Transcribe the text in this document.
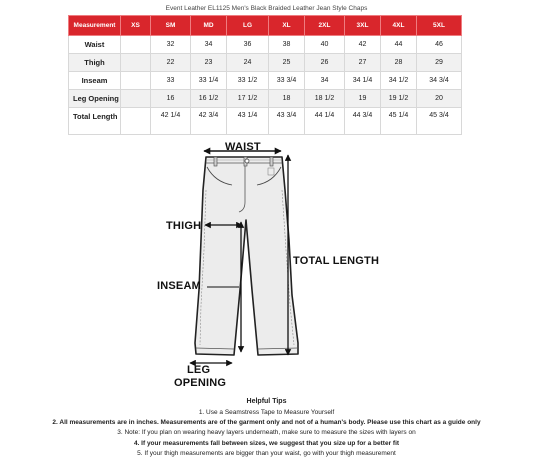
Event Leather EL1125 Men's Black Braided Leather Jean Style Chaps
Measurement	XS	SM	MD	LG	XL	2XL	3XL	4XL	5XL
Waist		32	34	36	38	40	42	44	46
Thigh		22	23	24	25	26	27	28	29
Inseam		33	33 1/4	33 1/2	33 3/4	34	34 1/4	34 1/2	34 3/4
Leg Opening		16	16 1/2	17 1/2	18	18 1/2	19	19 1/2	20
Total Length		42 1/4	42 3/4	43 1/4	43 3/4	44 1/4	44 3/4	45 1/4	45 3/4
WAIST
THIGH
TOTAL LENGTH
INSEAM
LEG
OPENING
Helpful Tips
1. Use a Seamstress Tape to Measure Yourself
2. All measurements are in inches. Measurements are of the garment only and not of a human's body. Please use this chart as a guide only
3. Note: If you plan on wearing heavy layers underneath, make sure to measure the sizes with layers on
4. If your measurements fall between sizes, we suggest that you size up for a better fit
5. If your thigh measurements are bigger than your waist, go with your thigh measurement
